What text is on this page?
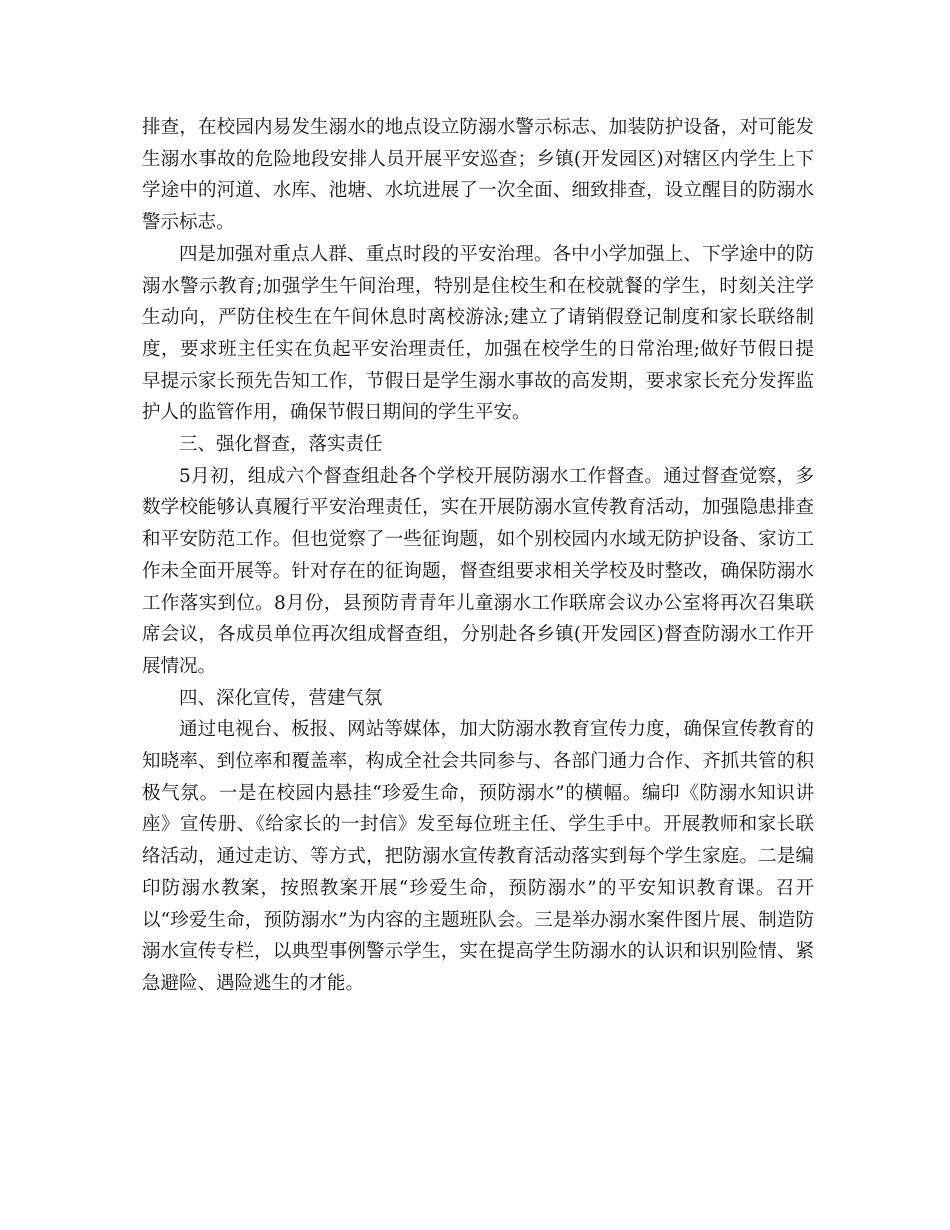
排查，在校园内易发生溺水的地点设立防溺水警示标志、加装防护设备，对可能发生溺水事故的危险地段安排人员开展平安巡查；乡镇(开发园区)对辖区内学生上下学途中的河道、水库、池塘、水坑进展了一次全面、细致排查，设立醒目的防溺水警示标志。

四是加强对重点人群、重点时段的平安治理。各中小学加强上、下学途中的防溺水警示教育;加强学生午间治理，特别是住校生和在校就餐的学生，时刻关注学生动向，严防住校生在午间休息时离校游泳;建立了请销假登记制度和家长联络制度，要求班主任实在负起平安治理责任，加强在校学生的日常治理;做好节假日提早提示家长预先告知工作，节假日是学生溺水事故的高发期，要求家长充分发挥监护人的监管作用，确保节假日期间的学生平安。

三、强化督查，落实责任

5月初，组成六个督查组赴各个学校开展防溺水工作督查。通过督查觉察，多数学校能够认真履行平安治理责任，实在开展防溺水宣传教育活动，加强隐患排查和平安防范工作。但也觉察了一些征询题，如个别校园内水域无防护设备、家访工作未全面开展等。针对存在的征询题，督查组要求相关学校及时整改，确保防溺水工作落实到位。8月份，县预防青青年儿童溺水工作联席会议办公室将再次召集联席会议，各成员单位再次组成督查组，分别赴各乡镇(开发园区)督查防溺水工作开展情况。

四、深化宣传，营建气氛

通过电视台、板报、网站等媒体，加大防溺水教育宣传力度，确保宣传教育的知晓率、到位率和覆盖率，构成全社会共同参与、各部门通力合作、齐抓共管的积极气氛。一是在校园内悬挂“珍爱生命，预防溺水”的横幅。编印《防溺水知识讲座》宣传册、《给家长的一封信》发至每位班主任、学生手中。开展教师和家长联络活动，通过走访、等方式，把防溺水宣传教育活动落实到每个学生家庭。二是编印防溺水教案，按照教案开展“珍爱生命，预防溺水”的平安知识教育课。召开以“珍爱生命，预防溺水”为内容的主题班队会。三是举办溺水案件图片展、制造防溺水宣传专栏，以典型事例警示学生，实在提高学生防溺水的认识和识别险情、紧急避险、遇险逃生的才能。
